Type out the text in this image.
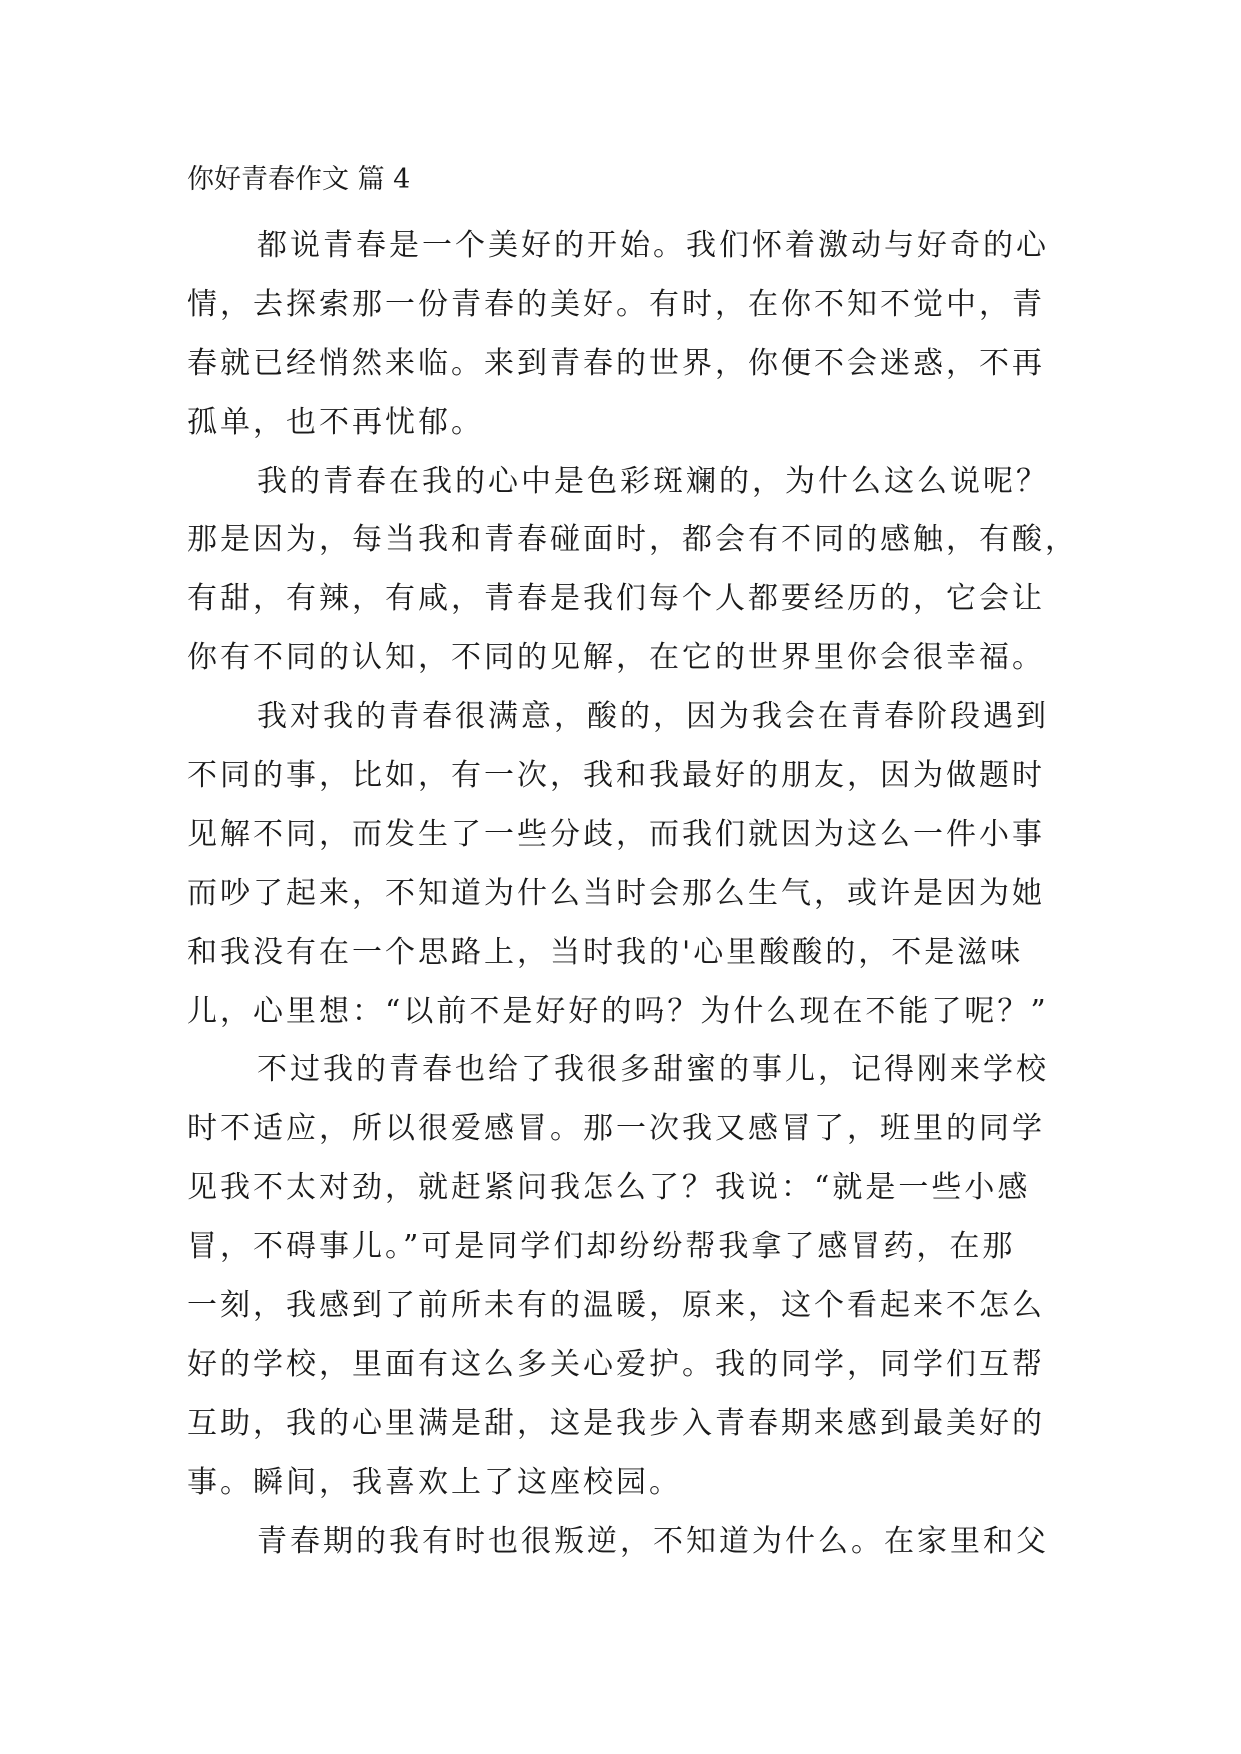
你好青春作文 篇 4
都说青春是一个美好的开始。我们怀着激动与好奇的心
情，去探索那一份青春的美好。有时，在你不知不觉中，青
春就已经悄然来临。来到青春的世界，你便不会迷惑，不再
孤单，也不再忧郁。
我的青春在我的心中是色彩斑斓的，为什么这么说呢？
那是因为，每当我和青春碰面时，都会有不同的感触，有酸，
有甜，有辣，有咸，青春是我们每个人都要经历的，它会让
你有不同的认知，不同的见解，在它的世界里你会很幸福。
我对我的青春很满意，酸的，因为我会在青春阶段遇到
不同的事，比如，有一次，我和我最好的朋友，因为做题时
见解不同，而发生了一些分歧，而我们就因为这么一件小事
而吵了起来，不知道为什么当时会那么生气，或许是因为她
和我没有在一个思路上，当时我的'心里酸酸的，不是滋味
儿，心里想：“以前不是好好的吗？为什么现在不能了呢？”
不过我的青春也给了我很多甜蜜的事儿，记得刚来学校
时不适应，所以很爱感冒。那一次我又感冒了，班里的同学
见我不太对劲，就赶紧问我怎么了？我说：“就是一些小感
冒，不碍事儿。”可是同学们却纷纷帮我拿了感冒药，在那
一刻，我感到了前所未有的温暖，原来，这个看起来不怎么
好的学校，里面有这么多关心爱护。我的同学，同学们互帮
互助，我的心里满是甜，这是我步入青春期来感到最美好的
事。瞬间，我喜欢上了这座校园。
青春期的我有时也很叛逆，不知道为什么。在家里和父
